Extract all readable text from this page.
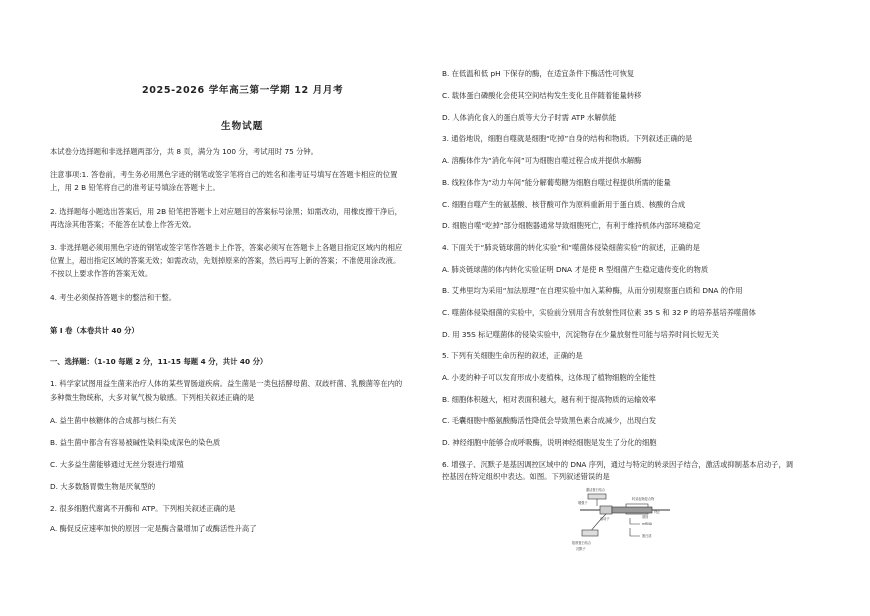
2025-2026 学年高三第一学期 12 月月考
生物试题
本试卷分选择题和非选择题两部分，共 8 页，满分为 100 分，考试用时 75 分钟。
注意事项:1. 答卷前，考生务必用黑色字迹的钢笔或签字笔将自己的姓名和准考证号填写在答题卡相应的位置
上，用 2 B 铅笔将自己的准考证号填涂在答题卡上。
2. 选择题每小题选出答案后，用 2B 铅笔把答题卡上对应题目的答案标号涂黑；如需改动，用橡皮擦干净后，
再选涂其他答案；不能答在试卷上作答无效。
3. 非选择题必须用黑色字迹的钢笔或签字笔作答题卡上作答，答案必须写在答题卡上各题目指定区域内的相应
位置上，超出指定区域的答案无效；如需改动，先划掉原来的答案，然后再写上新的答案；不准使用涂改液。
不按以上要求作答的答案无效。
4. 考生必须保持答题卡的整洁和干整。
第 I 卷（本卷共计 40 分）
一、选择题：（1-10 每题 2 分，11-15 每题 4 分，共计 40 分）
1. 科学家试图用益生菌来治疗人体的某些胃肠道疾病。益生菌是一类包括酵母菌、双歧杆菌、乳酸菌等在内的
多种微生物统称，大多对氧气极为敏感。下列相关叙述正确的是
A. 益生菌中核糖体的合成都与核仁有关
B. 益生菌中都含有容易被碱性染料染成深色的染色质
C. 大多益生菌能够通过无丝分裂进行增殖
D. 大多数肠胃微生物是厌氧型的
2. 很多细胞代谢离不开酶和 ATP。下列相关叙述正确的是
A. 酶促反应速率加快的原因一定是酶含量增加了或酶活性升高了
B. 在低温和低 pH 下保存的酶，在适宜条件下酶活性可恢复
C. 载体蛋白磷酸化会使其空间结构发生变化且伴随着能量转移
D. 人体消化食入的蛋白质等大分子时需 ATP 水解供能
3. 通俗地说，细胞自噬就是细胞“吃掉”自身的结构和物质。下列叙述正确的是
A. 溶酶体作为“消化车间”可为细胞自噬过程合成并提供水解酶
B. 线粒体作为“动力车间”能分解葡萄糖为细胞自噬过程提供所需的能量
C. 细胞自噬产生的氨基酸、核苷酸可作为原料重新用于蛋白质、核酸的合成
D. 细胞自噬“吃掉”部分细胞器通常导致细胞死亡，有利于维持机体内部环境稳定
4. 下面关于“肺炎链球菌的转化实验”和“噬菌体侵染细菌实验”的叙述，正确的是
A. 肺炎链球菌的体内转化实验证明 DNA 才是使 R 型细菌产生稳定遗传变化的物质
B. 艾弗里均为采用“加法原理”在自理实验中加入某种酶，从而分别观察蛋白质和 DNA 的作用
C. 噬菌体侵染细菌的实验中，实验前分别用含有放射性同位素 35 S 和 32 P 的培养基培养噬菌体
D. 用 35S 标记噬菌体的侵染实验中，沉淀物存在少量放射性可能与培养时间长短无关
5. 下列有关细胞生命历程的叙述，正确的是
A. 小麦的种子可以发育形成小麦植株，这体现了植物细胞的全能性
B. 细胞体积越大，相对表面积越大，越有利于提高物质的运输效率
C. 毛囊细胞中酪氨酸酶活性降低会导致黑色素合成减少，出现白发
D. 神经细胞中能够合成呼吸酶，说明神经细胞是发生了分化的细胞
6. 增强子、沉默子是基因调控区域中的 DNA 序列，通过与特定的转录因子结合，激活或抑制基本启动子，调
控基因在特定组织中表达。如图。下列叙述错误的是
激活蛋白结合
增强子
转录起始复合物
启动子	基因
终止
阻遏蛋白结合
沉默子
mRNA
蛋白质
